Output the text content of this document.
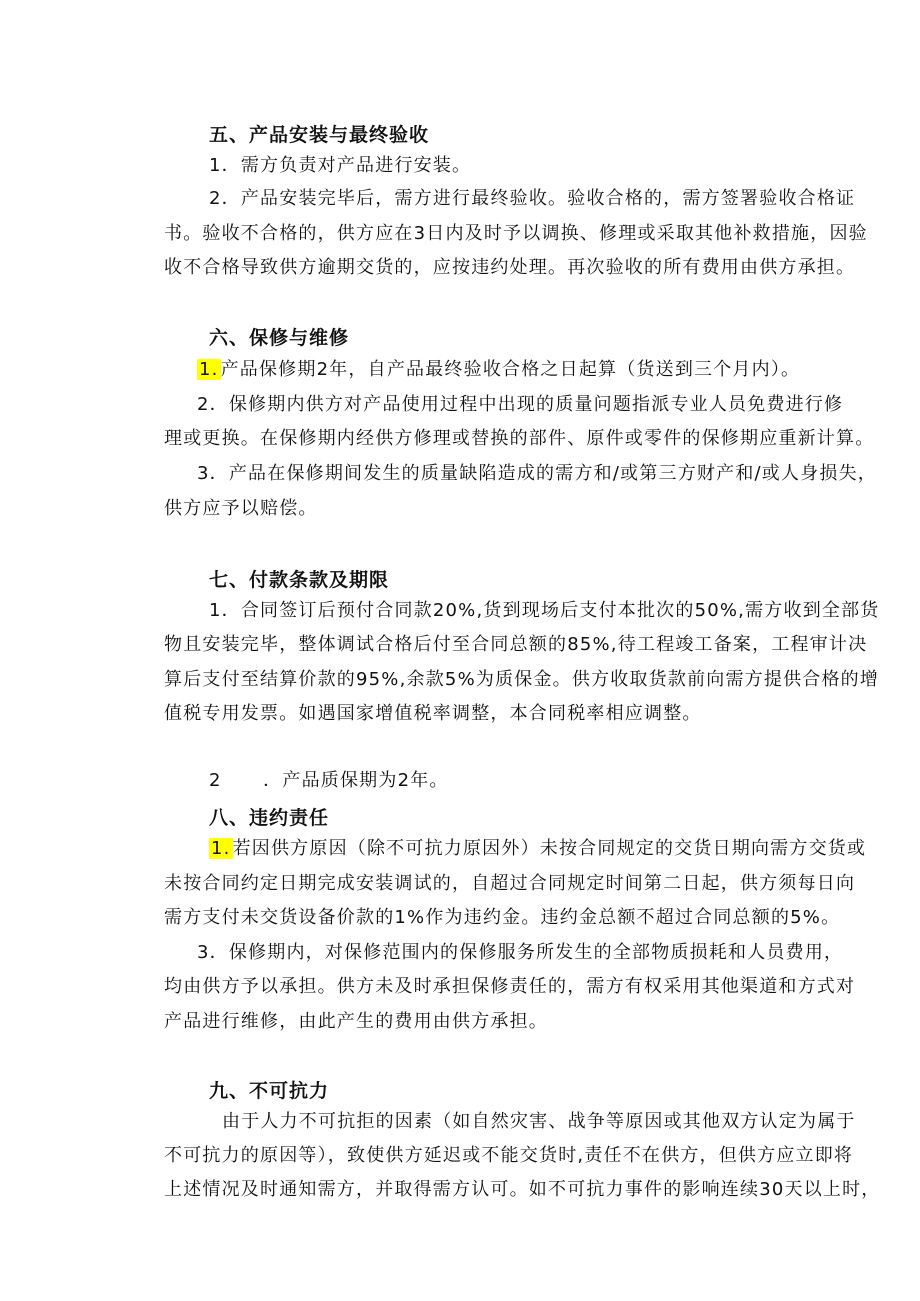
五、产品安装与最终验收
1．需方负责对产品进行安装。
2．产品安装完毕后，需方进行最终验收。验收合格的，需方签署验收合格证
书。验收不合格的，供方应在3日内及时予以调换、修理或采取其他补救措施，因验
收不合格导致供方逾期交货的，应按违约处理。再次验收的所有费用由供方承担。
六、保修与维修
1. 产品保修期2年，自产品最终验收合格之日起算（货送到三个月内）。
2．保修期内供方对产品使用过程中出现的质量问题指派专业人员免费进行修
理或更换。在保修期内经供方修理或替换的部件、原件或零件的保修期应重新计算。
3．产品在保修期间发生的质量缺陷造成的需方和/或第三方财产和/或人身损失，
供方应予以赔偿。
七、付款条款及期限
1．合同签订后预付合同款20%,货到现场后支付本批次的50%,需方收到全部货
物且安装完毕，整体调试合格后付至合同总额的85%,待工程竣工备案，工程审计决
算后支付至结算价款的95%,余款5%为质保金。供方收取货款前向需方提供合格的增
值税专用发票。如遇国家增值税率调整，本合同税率相应调整。
2      ．产品质保期为2年。
八、违约责任
1. 若因供方原因（除不可抗力原因外）未按合同规定的交货日期向需方交货或
未按合同约定日期完成安装调试的，自超过合同规定时间第二日起，供方须每日向
需方支付未交货设备价款的1%作为违约金。违约金总额不超过合同总额的5%。
3．保修期内，对保修范围内的保修服务所发生的全部物质损耗和人员费用，
均由供方予以承担。供方未及时承担保修责任的，需方有权采用其他渠道和方式对
产品进行维修，由此产生的费用由供方承担。
九、不可抗力
由于人力不可抗拒的因素（如自然灾害、战争等原因或其他双方认定为属于
不可抗力的原因等），致使供方延迟或不能交货时,责任不在供方，但供方应立即将
上述情况及时通知需方，并取得需方认可。如不可抗力事件的影响连续30天以上时，
